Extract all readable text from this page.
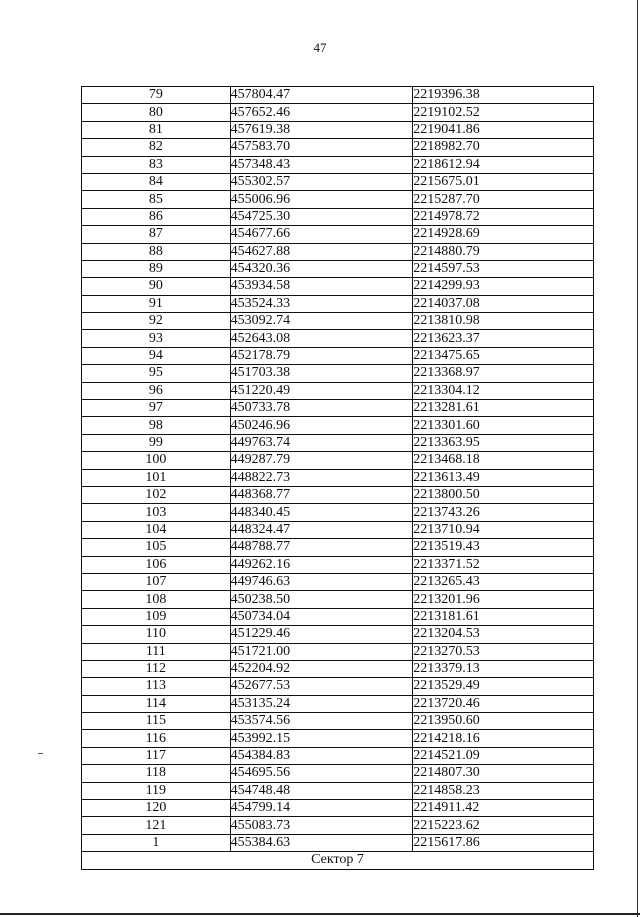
47
79	457804.47	2219396.38
80	457652.46	2219102.52
81	457619.38	2219041.86
82	457583.70	2218982.70
83	457348.43	2218612.94
84	455302.57	2215675.01
85	455006.96	2215287.70
86	454725.30	2214978.72
87	454677.66	2214928.69
88	454627.88	2214880.79
89	454320.36	2214597.53
90	453934.58	2214299.93
91	453524.33	2214037.08
92	453092.74	2213810.98
93	452643.08	2213623.37
94	452178.79	2213475.65
95	451703.38	2213368.97
96	451220.49	2213304.12
97	450733.78	2213281.61
98	450246.96	2213301.60
99	449763.74	2213363.95
100	449287.79	2213468.18
101	448822.73	2213613.49
102	448368.77	2213800.50
103	448340.45	2213743.26
104	448324.47	2213710.94
105	448788.77	2213519.43
106	449262.16	2213371.52
107	449746.63	2213265.43
108	450238.50	2213201.96
109	450734.04	2213181.61
110	451229.46	2213204.53
111	451721.00	2213270.53
112	452204.92	2213379.13
113	452677.53	2213529.49
114	453135.24	2213720.46
115	453574.56	2213950.60
116	453992.15	2214218.16
117	454384.83	2214521.09
118	454695.56	2214807.30
119	454748.48	2214858.23
120	454799.14	2214911.42
121	455083.73	2215223.62
1	455384.63	2215617.86
Сектор 7		
